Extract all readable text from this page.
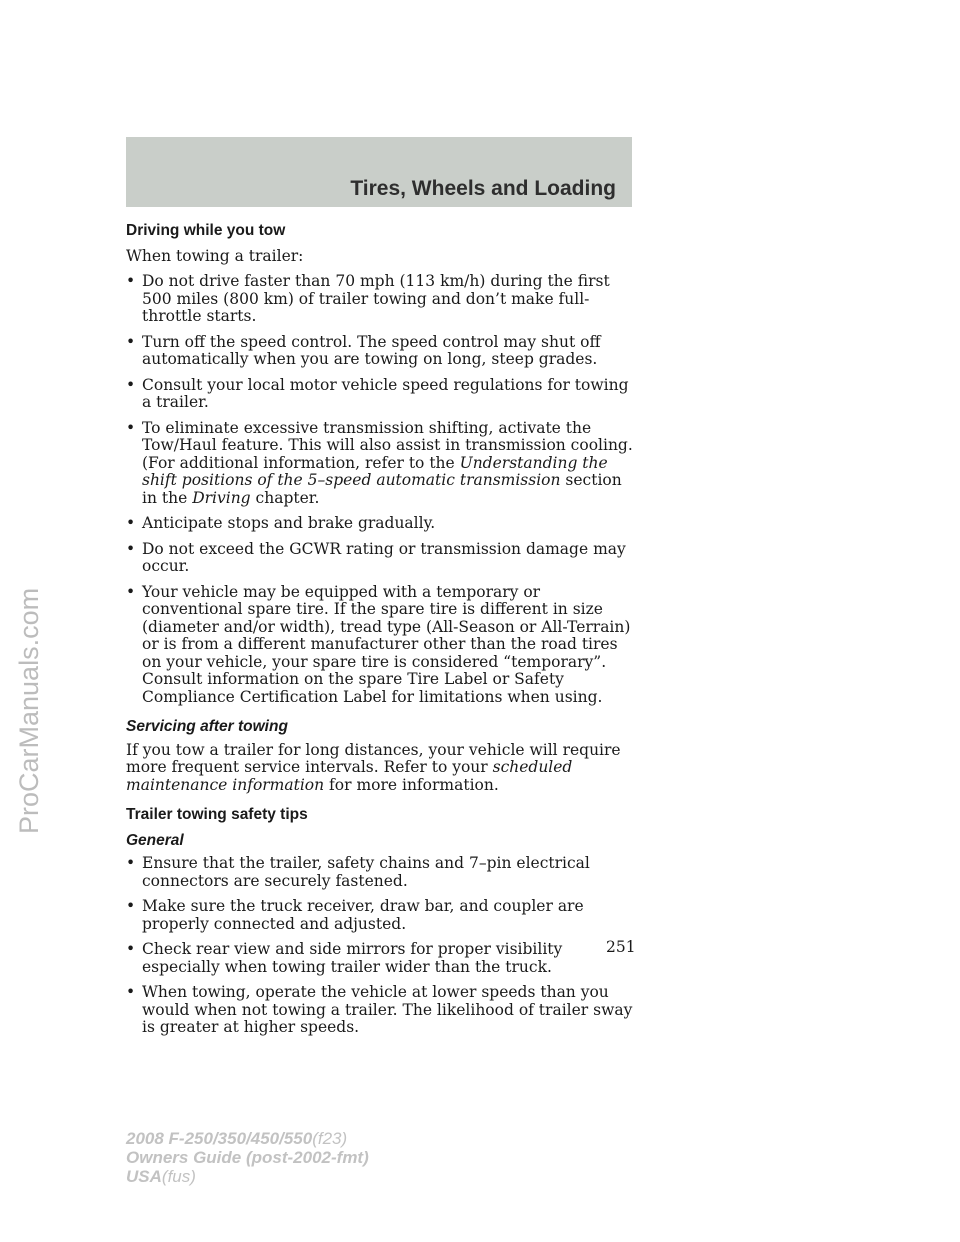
Tires, Wheels and Loading
Driving while you tow

When towing a trailer:

• Do not drive faster than 70 mph (113 km/h) during the first 500 miles (800 km) of trailer towing and don’t make full-throttle starts.
• Turn off the speed control. The speed control may shut off automatically when you are towing on long, steep grades.
• Consult your local motor vehicle speed regulations for towing a trailer.
• To eliminate excessive transmission shifting, activate the Tow/Haul feature. This will also assist in transmission cooling. (For additional information, refer to the Understanding the shift positions of the 5–speed automatic transmission section in the Driving chapter.
• Anticipate stops and brake gradually.
• Do not exceed the GCWR rating or transmission damage may occur.
• Your vehicle may be equipped with a temporary or conventional spare tire. If the spare tire is different in size (diameter and/or width), tread type (All-Season or All-Terrain) or is from a different manufacturer other than the road tires on your vehicle, your spare tire is considered “temporary”. Consult information on the spare Tire Label or Safety Compliance Certification Label for limitations when using.
Servicing after towing

If you tow a trailer for long distances, your vehicle will require more frequent service intervals. Refer to your scheduled maintenance information for more information.

Trailer towing safety tips
General
• Ensure that the trailer, safety chains and 7–pin electrical connectors are securely fastened.
• Make sure the truck receiver, draw bar, and coupler are properly connected and adjusted.
• Check rear view and side mirrors for proper visibility especially when towing trailer wider than the truck.
• When towing, operate the vehicle at lower speeds than you would when not towing a trailer. The likelihood of trailer sway is greater at higher speeds.
251
2008 F-250/350/450/550(f23)
Owners Guide (post-2002-fmt)
USA(fus)
ProCarManuals.com
